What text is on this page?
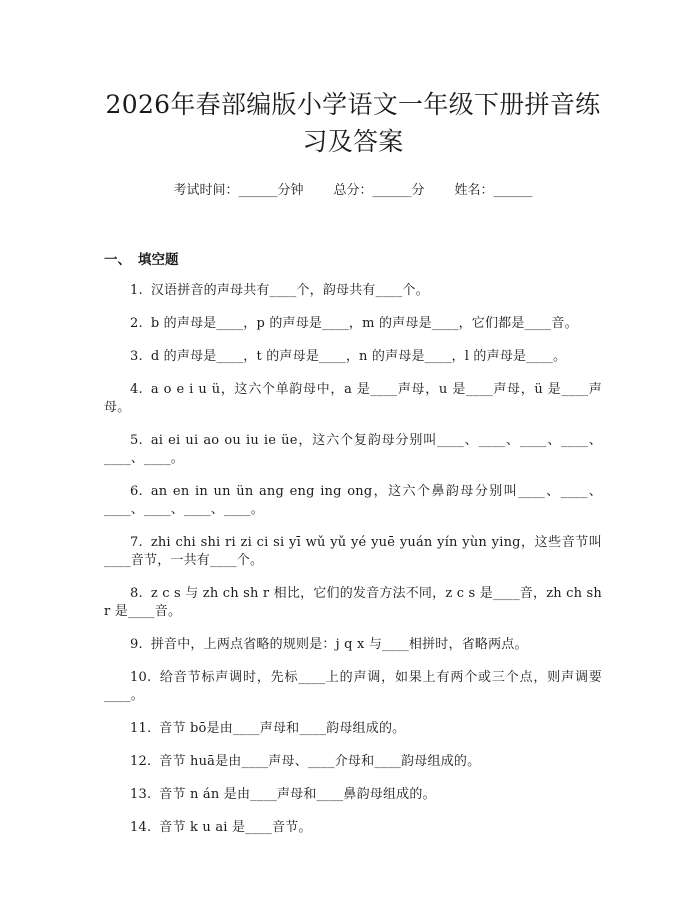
2026年春部编版小学语文一年级下册拼音练习及答案
考试时间：______分钟 总分：______分 姓名：______
一、 填空题

1. 汉语拼音的声母共有____个，韵母共有____个。

2. b 的声母是____，p 的声母是____，m 的声母是____，它们都是____音。

3. d 的声母是____，t 的声母是____，n 的声母是____，l 的声母是____。

4. a o e i u ü，这六个单韵母中，a 是____声母，u 是____声母，ü 是____声母。

5. ai ei ui ao ou iu ie üe，这六个复韵母分别叫____、____、____、____、____、____。

6. an en in un ün ang eng ing ong，这六个鼻韵母分别叫____、____、____、____、____、____。

7. zhi chi shi ri zi ci si yī wǔ yǔ yé yuē yuán yín yùn ying，这些音节叫____音节，一共有____个。

8. z c s 与 zh ch sh r 相比，它们的发音方法不同，z c s 是____音，zh ch sh r 是____音。

9. 拼音中，上两点省略的规则是：j q x 与____相拼时，省略两点。

10. 给音节标声调时，先标____上的声调，如果上有两个或三个点，则声调要____。

11. 音节 bō是由____声母和____韵母组成的。

12. 音节 huā是由____声母、____介母和____韵母组成的。

13. 音节 n án 是由____声母和____鼻韵母组成的。

14. 音节 k u ai 是____音节。
